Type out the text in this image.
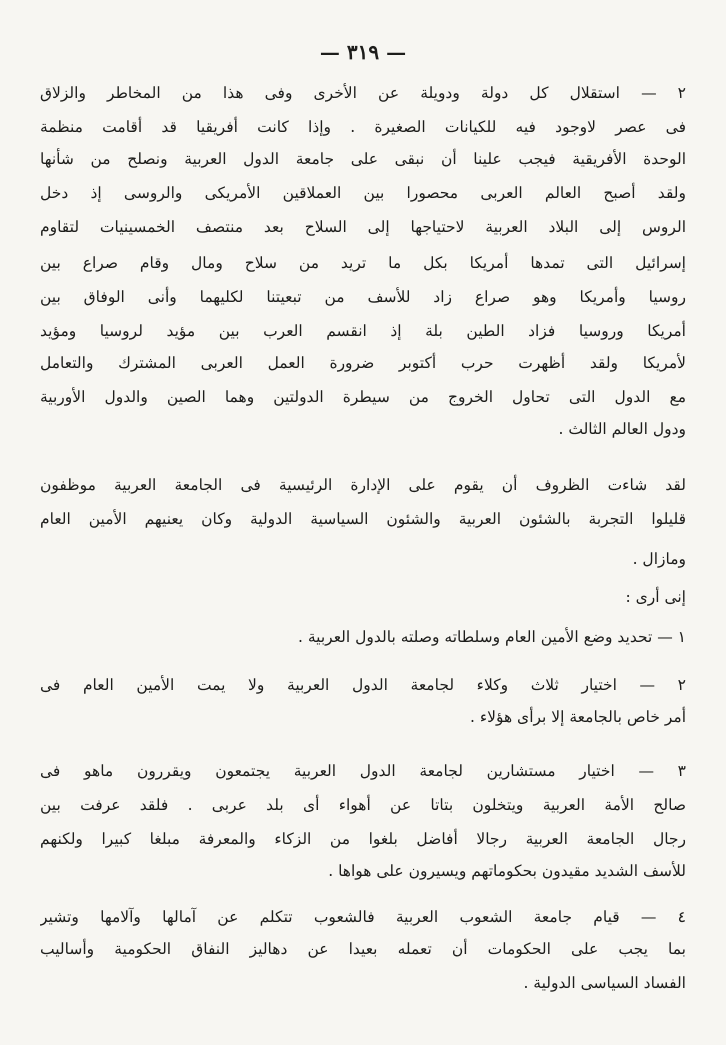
— ٣١٩ —
٢ — استقلال كل دولة ودويلة عن الأخرى وفى هذا من المخاطر والزلاق
فى عصر لاوجود فيه للكيانات الصغيرة . وإذا كانت أفريقيا قد أقامت منظمة
الوحدة الأفريقية فيجب علينا أن نبقى على جامعة الدول العربية ونصلح من شأنها
ولقد أصبح العالم العربى محصورا بين العملاقين الأمريكى والروسى إذ دخل
الروس إلى البلاد العربية لاحتياجها إلى السلاح بعد منتصف الخمسينيات لتقاوم
إسرائيل التى تمدها أمريكا بكل ما تريد من سلاح ومال وقام صراع بين
روسيا وأمريكا وهو صراع زاد للأسف من تبعيتنا لكليهما وأنى الوفاق بين
أمريكا وروسيا فزاد الطين بلة إذ انقسم العرب بين مؤيد لروسيا ومؤيد
لأمريكا ولقد أظهرت حرب أكتوبر ضرورة العمل العربى المشترك والتعامل
مع الدول التى تحاول الخروج من سيطرة الدولتين وهما الصين والدول الأوربية
ودول العالم الثالث .
لقد شاءت الظروف أن يقوم على الإدارة الرئيسية فى الجامعة العربية موظفون
قليلوا التجربة بالشئون العربية والشئون السياسية الدولية وكان يعنيهم الأمين العام
ومازال .
إنى أرى :
١ — تحديد وضع الأمين العام وسلطاته وصلته بالدول العربية .
٢ — اختيار ثلاث وكلاء لجامعة الدول العربية ولا يمت الأمين العام فى
أمر خاص بالجامعة إلا برأى هؤلاء .
٣ — اختيار مستشارين لجامعة الدول العربية يجتمعون ويقررون ماهو فى
صالح الأمة العربية ويتخلون بتاتا عن أهواء أى بلد عربى . فلقد عرفت بين
رجال الجامعة العربية رجالا أفاضل بلغوا من الزكاء والمعرفة مبلغا كبيرا ولكنهم
للأسف الشديد مقيدون بحكوماتهم ويسيرون على هواها .
٤ — قيام جامعة الشعوب العربية فالشعوب تتكلم عن آمالها وآلامها وتشير
بما يجب على الحكومات أن تعمله بعيدا عن دهاليز النفاق الحكومية وأساليب
الفساد السياسى الدولية .
